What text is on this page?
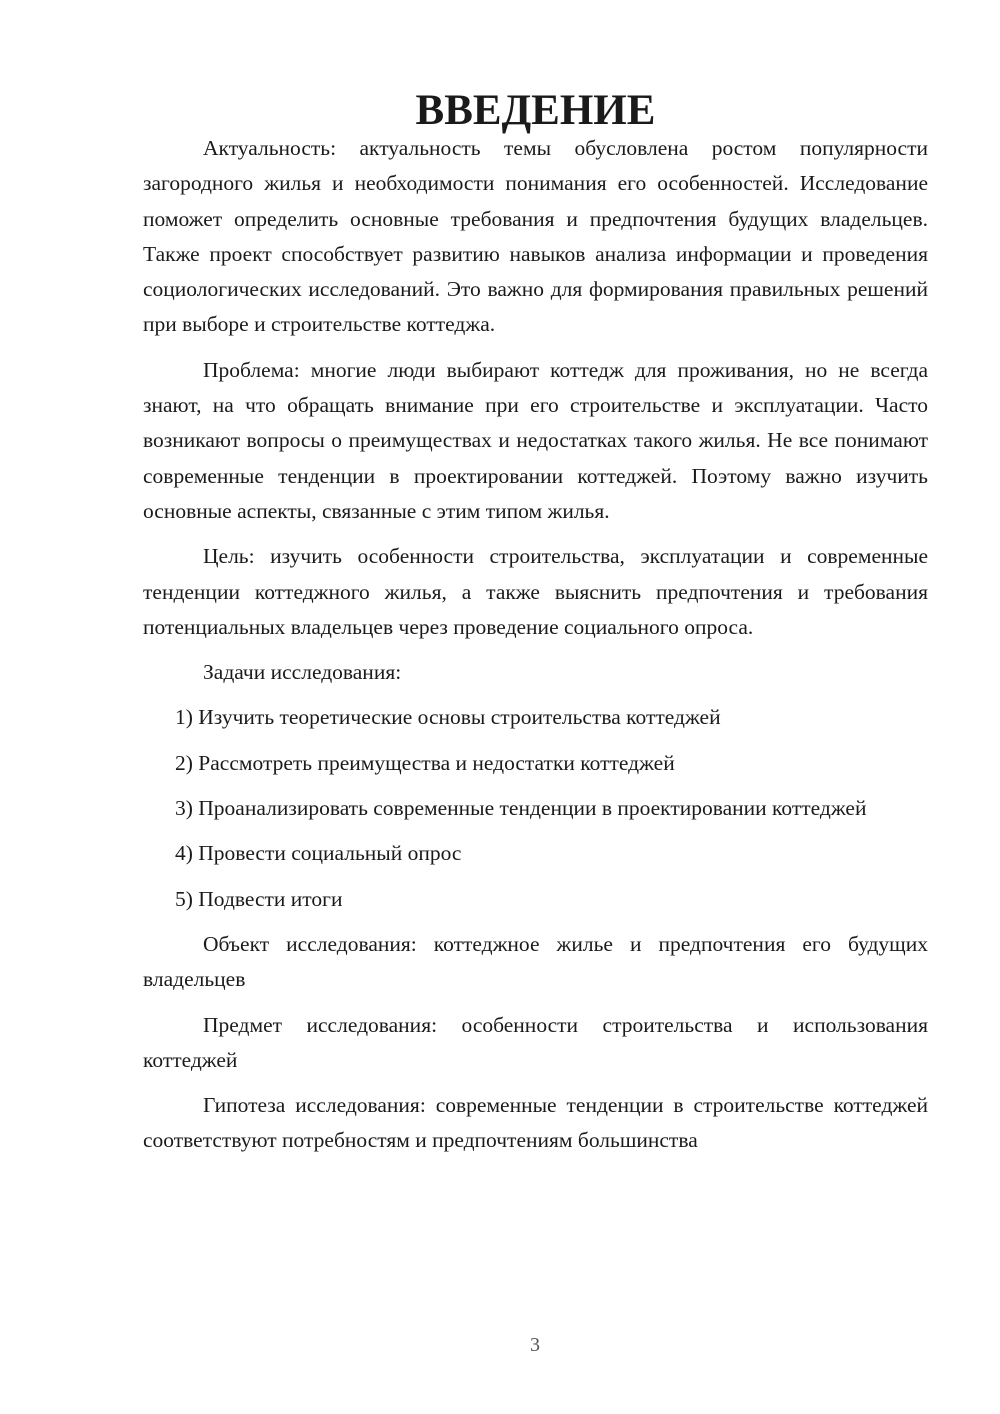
ВВЕДЕНИЕ

Актуальность: актуальность темы обусловлена ростом популярности загородного жилья и необходимости понимания его особенностей. Исследование поможет определить основные требования и предпочтения будущих владельцев. Также проект способствует развитию навыков анализа информации и проведения социологических исследований. Это важно для формирования правильных решений при выборе и строительстве коттеджа.

Проблема: многие люди выбирают коттедж для проживания, но не всегда знают, на что обращать внимание при его строительстве и эксплуатации. Часто возникают вопросы о преимуществах и недостатках такого жилья. Не все понимают современные тенденции в проектировании коттеджей. Поэтому важно изучить основные аспекты, связанные с этим типом жилья.

Цель: изучить особенности строительства, эксплуатации и современные тенденции коттеджного жилья, а также выяснить предпочтения и требования потенциальных владельцев через проведение социального опроса.

Задачи исследования:

1) Изучить теоретические основы строительства коттеджей

2) Рассмотреть преимущества и недостатки коттеджей

3) Проанализировать современные тенденции в проектировании коттеджей

4) Провести социальный опрос

5) Подвести итоги

Объект исследования: коттеджное жилье и предпочтения его будущих владельцев

Предмет исследования: особенности строительства и использования коттеджей

Гипотеза исследования: современные тенденции в строительстве коттеджей соответствуют потребностям и предпочтениям большинства

3
